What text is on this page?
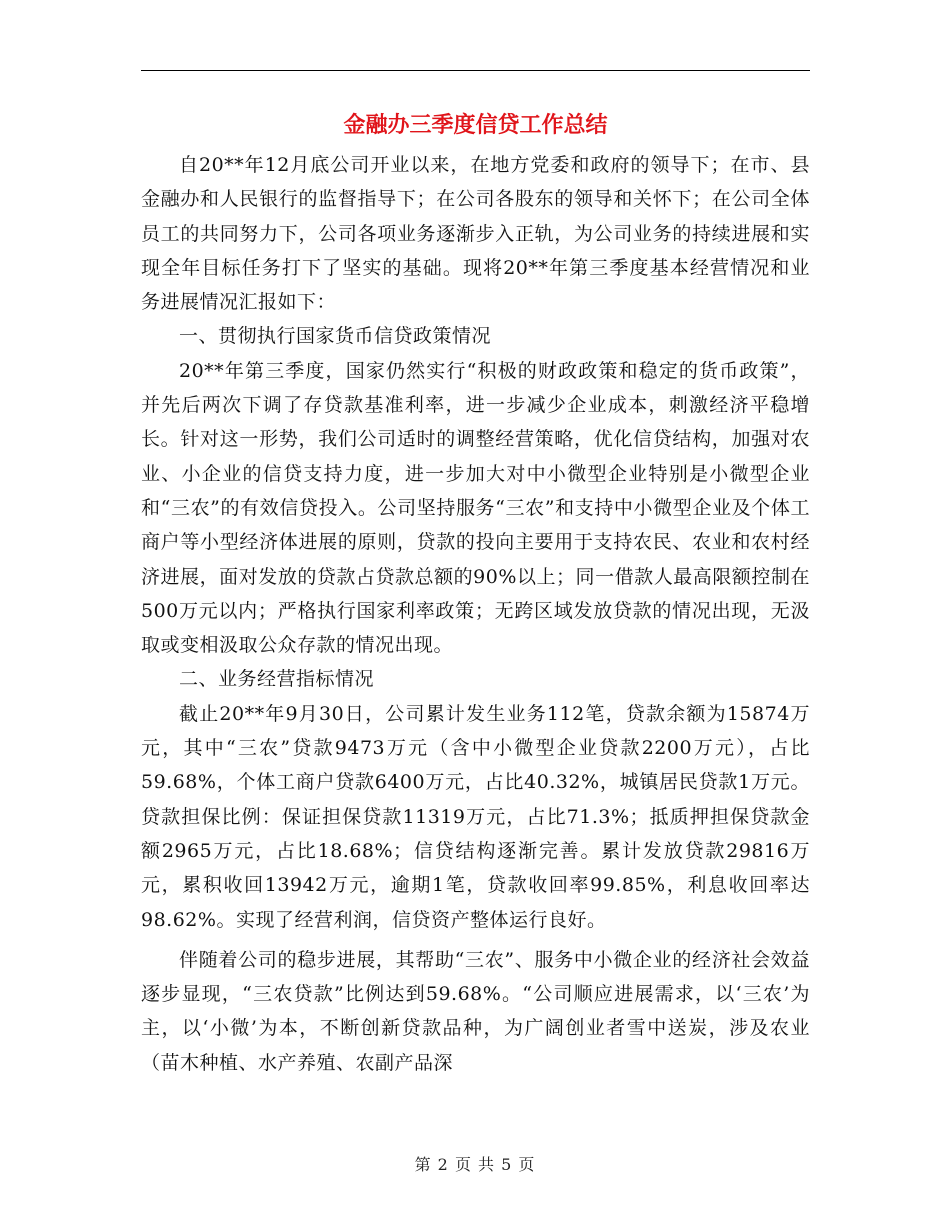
金融办三季度信贷工作总结

自20**年12月底公司开业以来，在地方党委和政府的领导下；在市、县金融办和人民银行的监督指导下；在公司各股东的领导和关怀下；在公司全体员工的共同努力下，公司各项业务逐渐步入正轨，为公司业务的持续进展和实现全年目标任务打下了坚实的基础。现将20**年第三季度基本经营情况和业务进展情况汇报如下：

一、贯彻执行国家货币信贷政策情况

20**年第三季度，国家仍然实行“积极的财政政策和稳定的货币政策”，并先后两次下调了存贷款基准利率，进一步减少企业成本，刺激经济平稳增长。针对这一形势，我们公司适时的调整经营策略，优化信贷结构，加强对农业、小企业的信贷支持力度，进一步加大对中小微型企业特别是小微型企业和“三农”的有效信贷投入。公司坚持服务“三农”和支持中小微型企业及个体工商户等小型经济体进展的原则，贷款的投向主要用于支持农民、农业和农村经济进展，面对发放的贷款占贷款总额的90%以上；同一借款人最高限额控制在500万元以内；严格执行国家利率政策；无跨区域发放贷款的情况出现，无汲取或变相汲取公众存款的情况出现。

二、业务经营指标情况

截止20**年9月30日，公司累计发生业务112笔，贷款余额为15874万元，其中“三农”贷款9473万元（含中小微型企业贷款2200万元），占比59.68%，个体工商户贷款6400万元，占比40.32%，城镇居民贷款1万元。贷款担保比例：保证担保贷款11319万元，占比71.3%；抵质押担保贷款金额2965万元，占比18.68%；信贷结构逐渐完善。累计发放贷款29816万元，累积收回13942万元，逾期1笔，贷款收回率99.85%，利息收回率达98.62%。实现了经营利润，信贷资产整体运行良好。

伴随着公司的稳步进展，其帮助“三农”、服务中小微企业的经济社会效益逐步显现，“三农贷款”比例达到59.68%。“公司顺应进展需求，以‘三农’为主，以‘小微’为本，不断创新贷款品种，为广阔创业者雪中送炭，涉及农业（苗木种植、水产养殖、农副产品深

第 2 页 共 5 页
